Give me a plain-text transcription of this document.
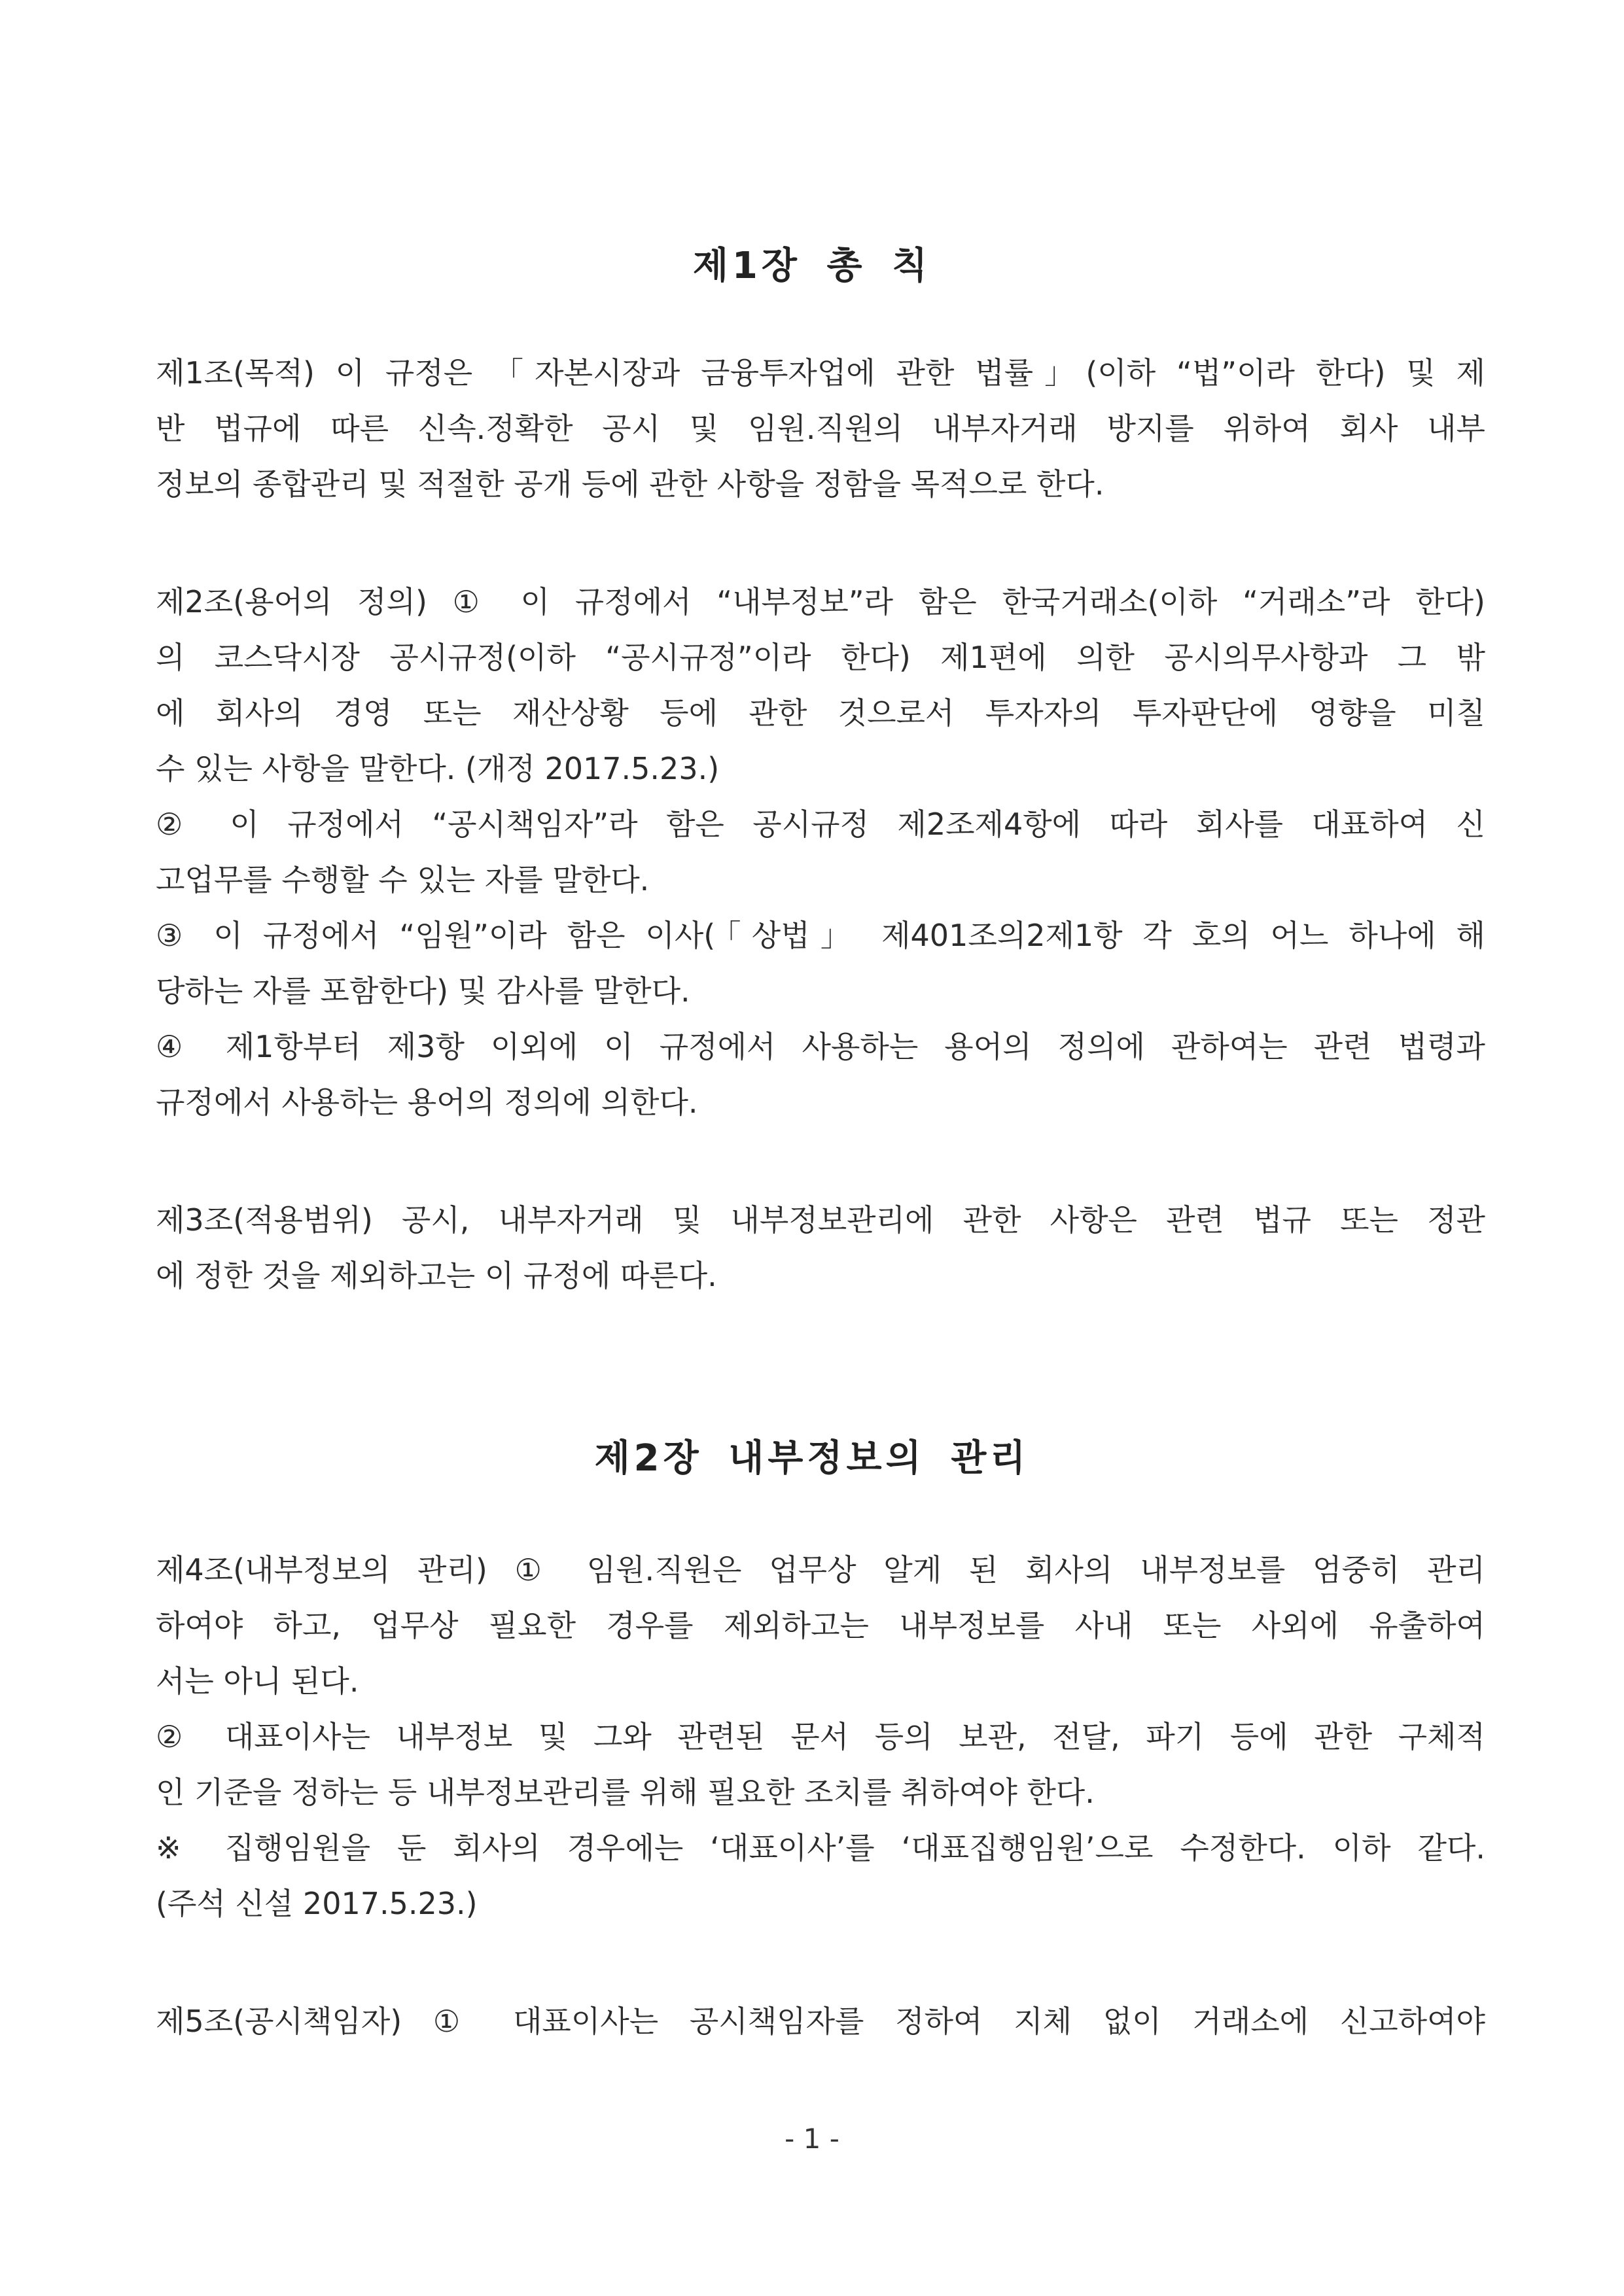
제1장 총 칙

제1조(목적) 이 규정은 「자본시장과 금융투자업에 관한 법률」(이하 “법”이라 한다) 및 제

반 법규에 따른 신속.정확한 공시 및 임원.직원의 내부자거래 방지를 위하여 회사 내부

정보의 종합관리 및 적절한 공개 등에 관한 사항을 정함을 목적으로 한다.

제2조(용어의 정의) ① 이 규정에서 “내부정보”라 함은 한국거래소(이하 “거래소”라 한다)

의 코스닥시장 공시규정(이하 “공시규정”이라 한다) 제1편에 의한 공시의무사항과 그 밖

에 회사의 경영 또는 재산상황 등에 관한 것으로서 투자자의 투자판단에 영향을 미칠

수 있는 사항을 말한다. (개정 2017.5.23.)

② 이 규정에서 “공시책임자”라 함은 공시규정 제2조제4항에 따라 회사를 대표하여 신

고업무를 수행할 수 있는 자를 말한다.

③ 이 규정에서 “임원”이라 함은 이사(「상법」 제401조의2제1항 각 호의 어느 하나에 해

당하는 자를 포함한다) 및 감사를 말한다.

④ 제1항부터 제3항 이외에 이 규정에서 사용하는 용어의 정의에 관하여는 관련 법령과

규정에서 사용하는 용어의 정의에 의한다.

제3조(적용범위) 공시, 내부자거래 및 내부정보관리에 관한 사항은 관련 법규 또는 정관

에 정한 것을 제외하고는 이 규정에 따른다.

제2장 내부정보의 관리

제4조(내부정보의 관리) ① 임원.직원은 업무상 알게 된 회사의 내부정보를 엄중히 관리

하여야 하고, 업무상 필요한 경우를 제외하고는 내부정보를 사내 또는 사외에 유출하여

서는 아니 된다.

② 대표이사는 내부정보 및 그와 관련된 문서 등의 보관, 전달, 파기 등에 관한 구체적

인 기준을 정하는 등 내부정보관리를 위해 필요한 조치를 취하여야 한다.

※ 집행임원을 둔 회사의 경우에는 ‘대표이사’를 ‘대표집행임원’으로 수정한다. 이하 같다.

(주석 신설 2017.5.23.)

제5조(공시책임자) ① 대표이사는 공시책임자를 정하여 지체 없이 거래소에 신고하여야

- 1 -
